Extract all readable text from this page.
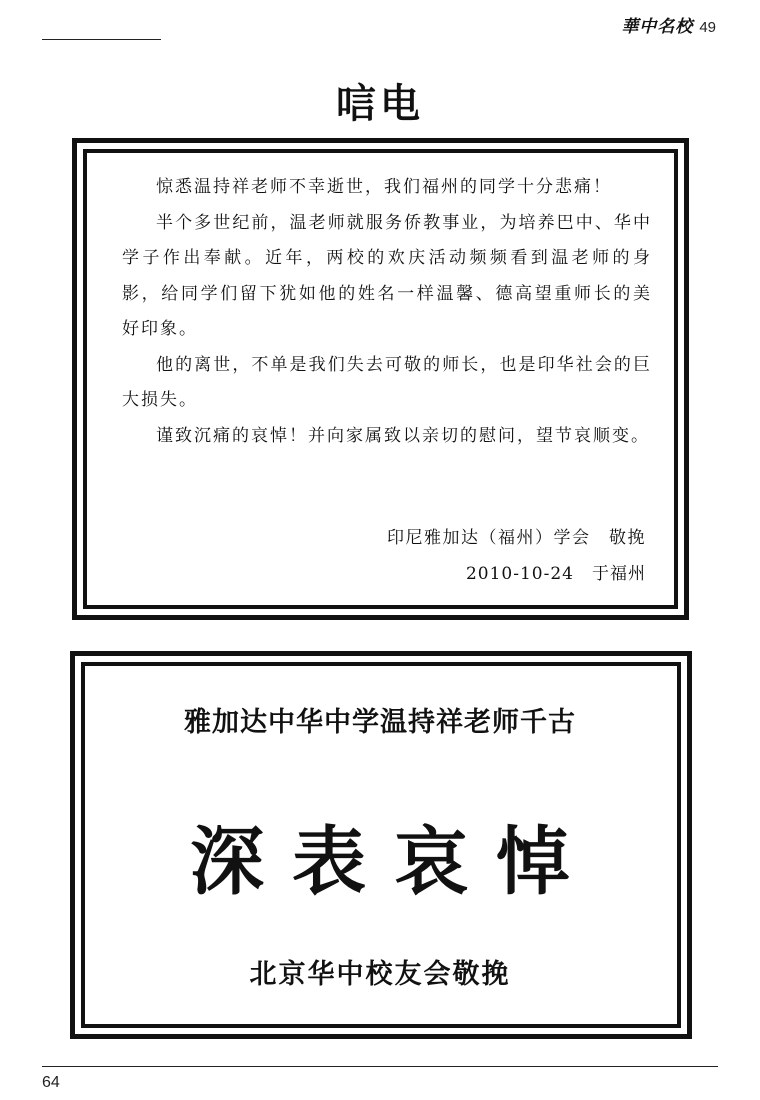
華中名校 49
唁电

惊悉温持祥老师不幸逝世，我们福州的同学十分悲痛！

半个多世纪前，温老师就服务侨教事业，为培养巴中、华中学子作出奉献。近年，两校的欢庆活动频频看到温老师的身影，给同学们留下犹如他的姓名一样温馨、德高望重师长的美好印象。

他的离世，不单是我们失去可敬的师长，也是印华社会的巨大损失。

谨致沉痛的哀悼！并向家属致以亲切的慰问，望节哀顺变。

印尼雅加达（福州）学会　敬挽
2010-10-24　于福州
雅加达中华中学温持祥老师千古
深表哀悼
北京华中校友会敬挽
64
